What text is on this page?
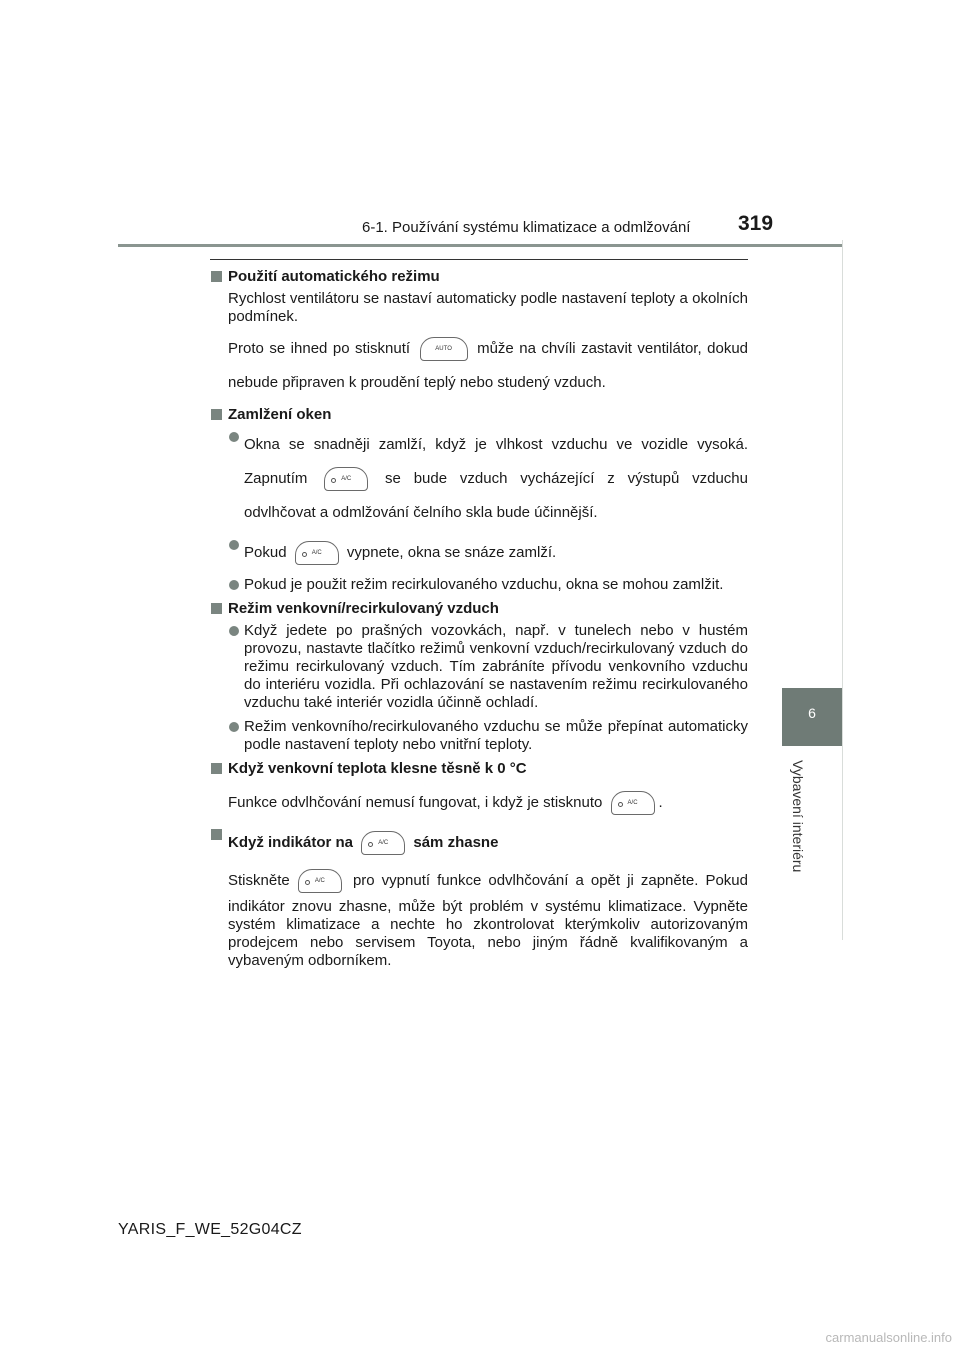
6-1. Používání systému klimatizace a odmlžování 319
6
Vybavení interiéru
Použití automatického režimu
Rychlost ventilátoru se nastaví automaticky podle nastavení teploty a okolních podmínek.
Proto se ihned po stisknutí	AUTO může na chvíli zastavit ventilátor, dokud nebude připraven k proudění teplý nebo studený vzduch.
Zamlžení oken
Okna se snadněji zamlží, když je vlhkost vzduchu ve vozidle vysoká. Zapnutím	A/C se bude vzduch vycházející z výstupů vzduchu odvlhčovat a odmlžování čelního skla bude účinnější.
Pokud	A/C vypnete, okna se snáze zamlží.
Pokud je použit režim recirkulovaného vzduchu, okna se mohou zamlžit.
Režim venkovní/recirkulovaný vzduch
Když jedete po prašných vozovkách, např. v tunelech nebo v hustém provozu, nastavte tlačítko režimů venkovní vzduch/recirkulovaný vzduch do režimu recirkulovaný vzduch. Tím zabráníte přívodu venkovního vzduchu do interiéru vozidla. Při ochlazování se nastavením režimu recirkulovaného vzduchu také interiér vozidla účinně ochladí.
Režim venkovního/recirkulovaného vzduchu se může přepínat automaticky podle nastavení teploty nebo vnitřní teploty.
Když venkovní teplota klesne těsně k 0 °C
Funkce odvlhčování nemusí fungovat, i když je stisknuto	A/C .
Když indikátor na	A/C sám zhasne
Stiskněte	A/C pro vypnutí funkce odvlhčování a opět ji zapněte. Pokud indikátor znovu zhasne, může být problém v systému klimatizace. Vypněte systém klimatizace a nechte ho zkontrolovat kterýmkoliv autorizovaným prodejcem nebo servisem Toyota, nebo jiným řádně kvalifikovaným a vybaveným odborníkem.
YARIS_F_WE_52G04CZ
carmanualsonline.info
